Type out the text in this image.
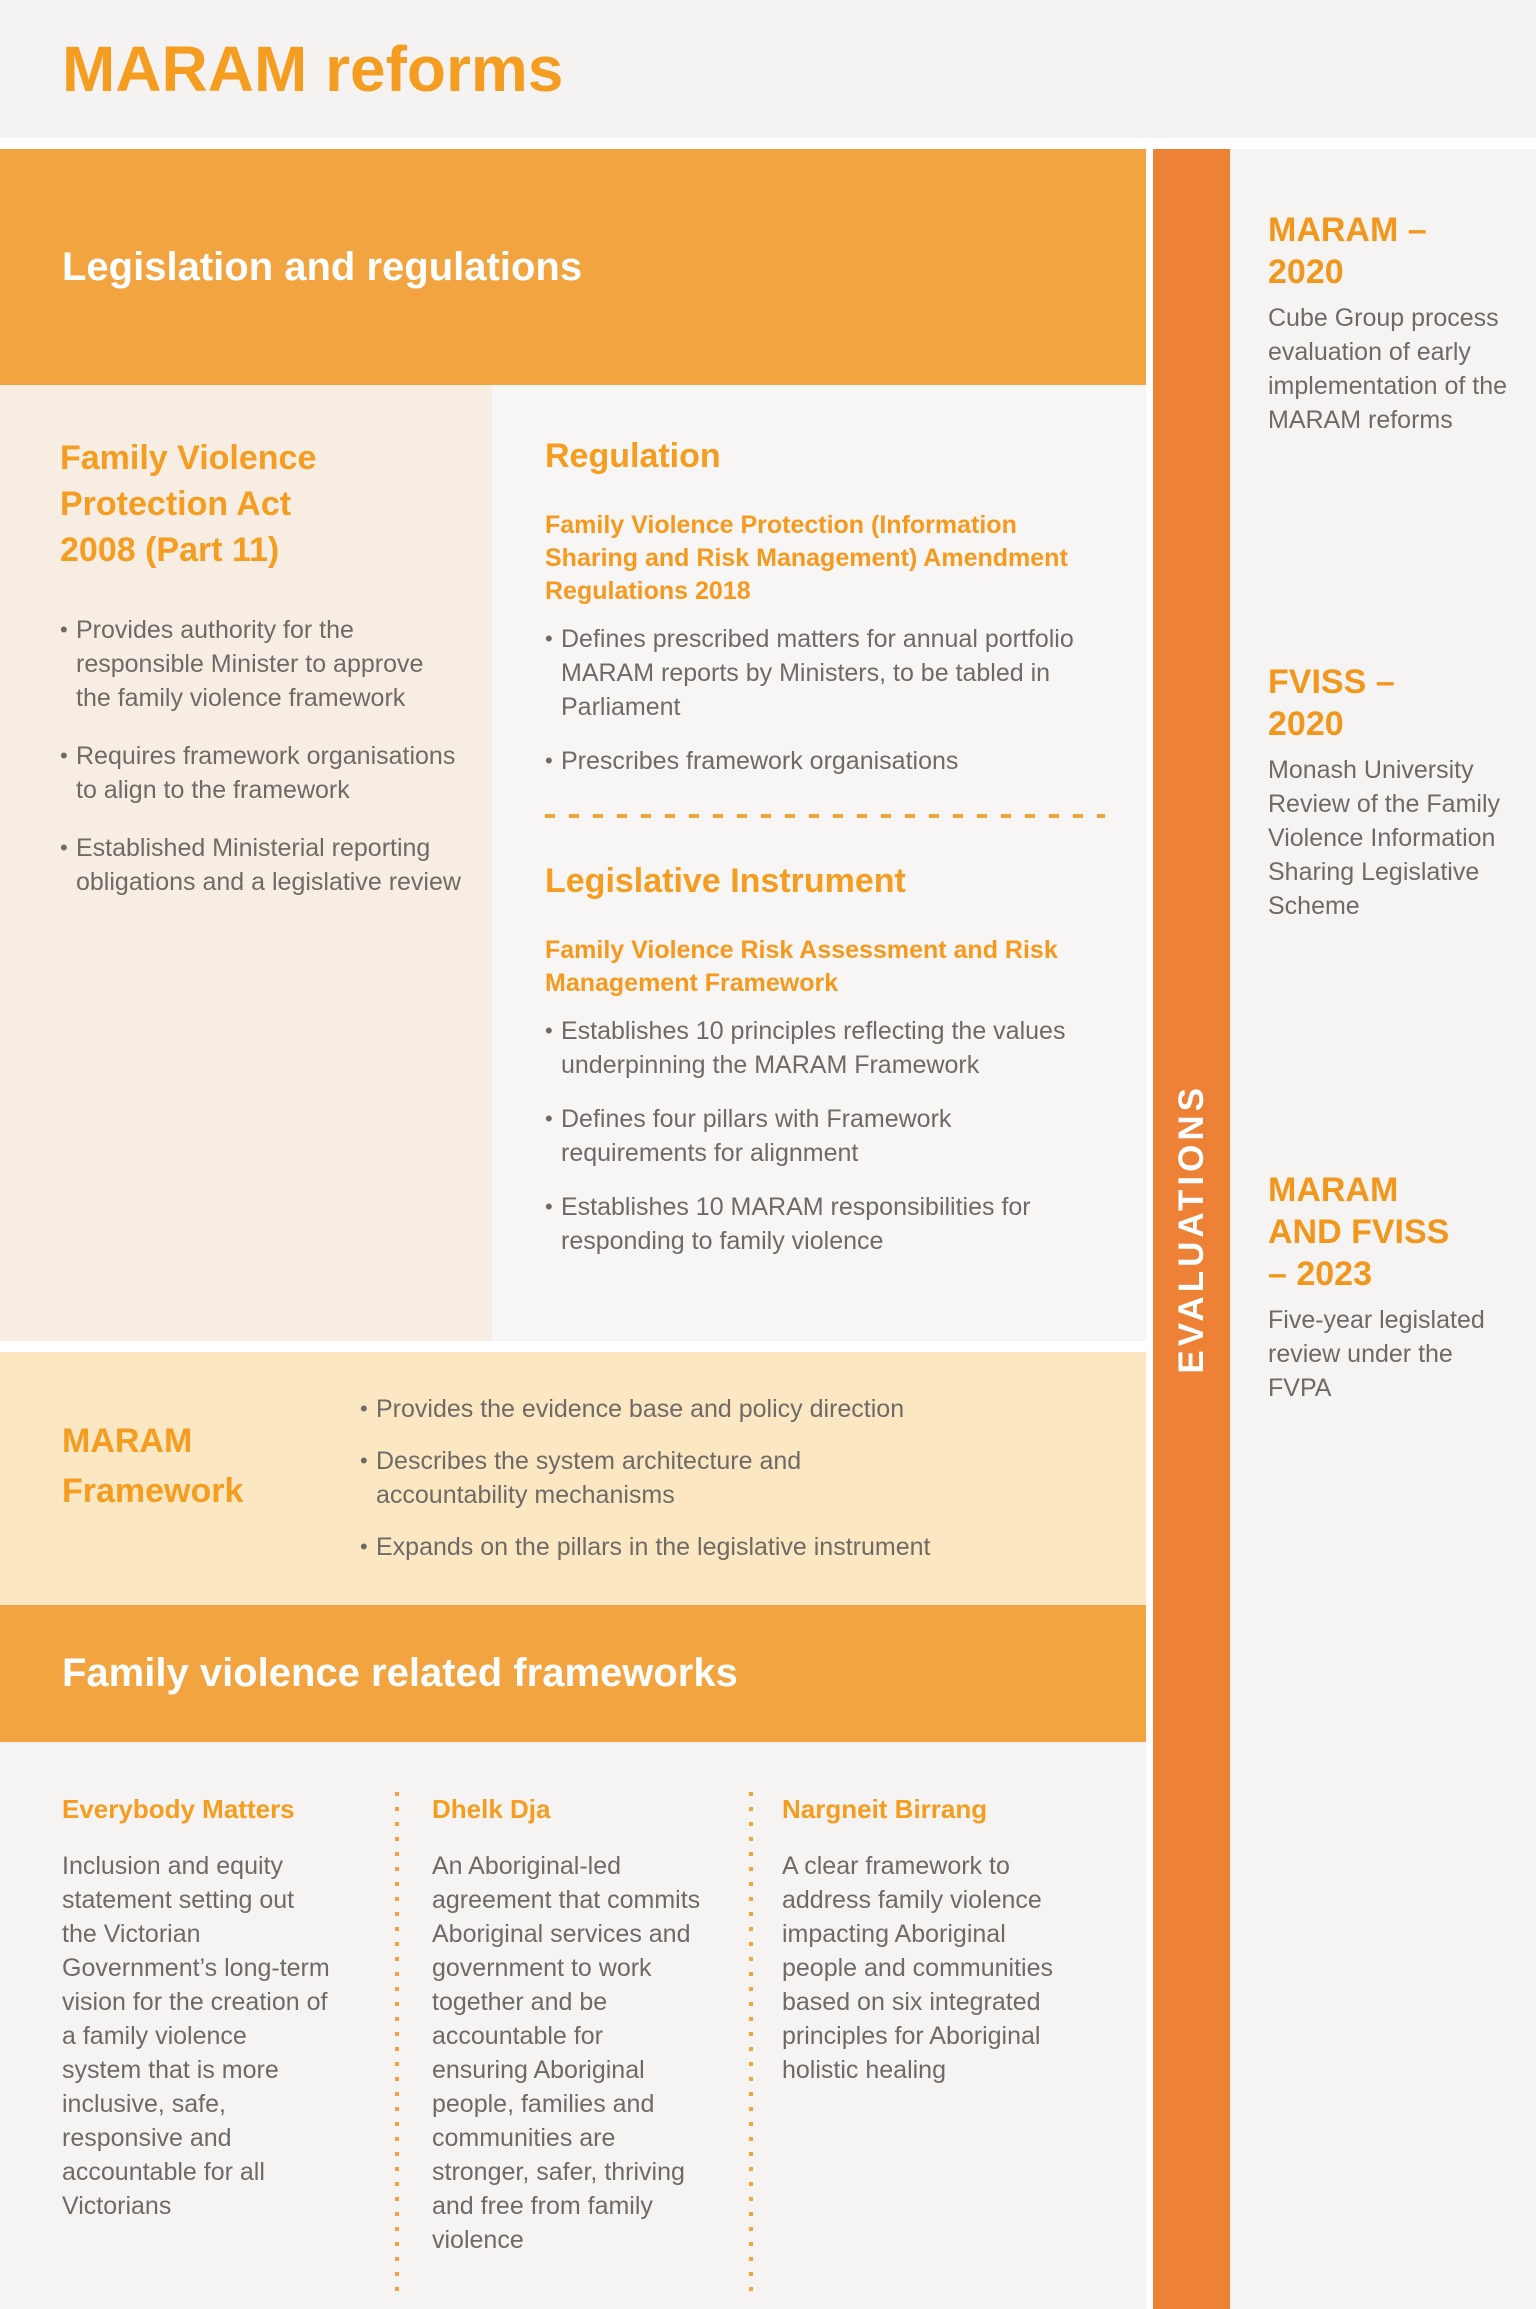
MARAM reforms
Legislation and regulations
Family Violence Protection Act 2008 (Part 11)
• Provides authority for the responsible Minister to approve the family violence framework
• Requires framework organisations to align to the framework
• Established Ministerial reporting obligations and a legislative review
Regulation

Family Violence Protection (Information Sharing and Risk Management) Amendment Regulations 2018

• Defines prescribed matters for annual portfolio MARAM reports by Ministers, to be tabled in Parliament
• Prescribes framework organisations
Legislative Instrument

Family Violence Risk Assessment and Risk Management Framework

• Establishes 10 principles reflecting the values underpinning the MARAM Framework
• Defines four pillars with Framework requirements for alignment
• Establishes 10 MARAM responsibilities for responding to family violence
MARAM Framework
• Provides the evidence base and policy direction
• Describes the system architecture and accountability mechanisms
• Expands on the pillars in the legislative instrument
Family violence related frameworks
Everybody Matters

Inclusion and equity statement setting out the Victorian Government’s long-term vision for the creation of a family violence system that is more inclusive, safe, responsive and accountable for all Victorians

Dhelk Dja

An Aboriginal-led agreement that commits Aboriginal services and government to work together and be accountable for ensuring Aboriginal people, families and communities are stronger, safer, thriving and free from family violence

Nargneit Birrang

A clear framework to address family violence impacting Aboriginal people and communities based on six integrated principles for Aboriginal holistic healing

EVALUATIONS
MARAM – 2020

Cube Group process evaluation of early implementation of the MARAM reforms

FVISS – 2020

Monash University Review of the Family Violence Information Sharing Legislative Scheme

MARAM AND FVISS – 2023

Five-year legislated review under the FVPA
